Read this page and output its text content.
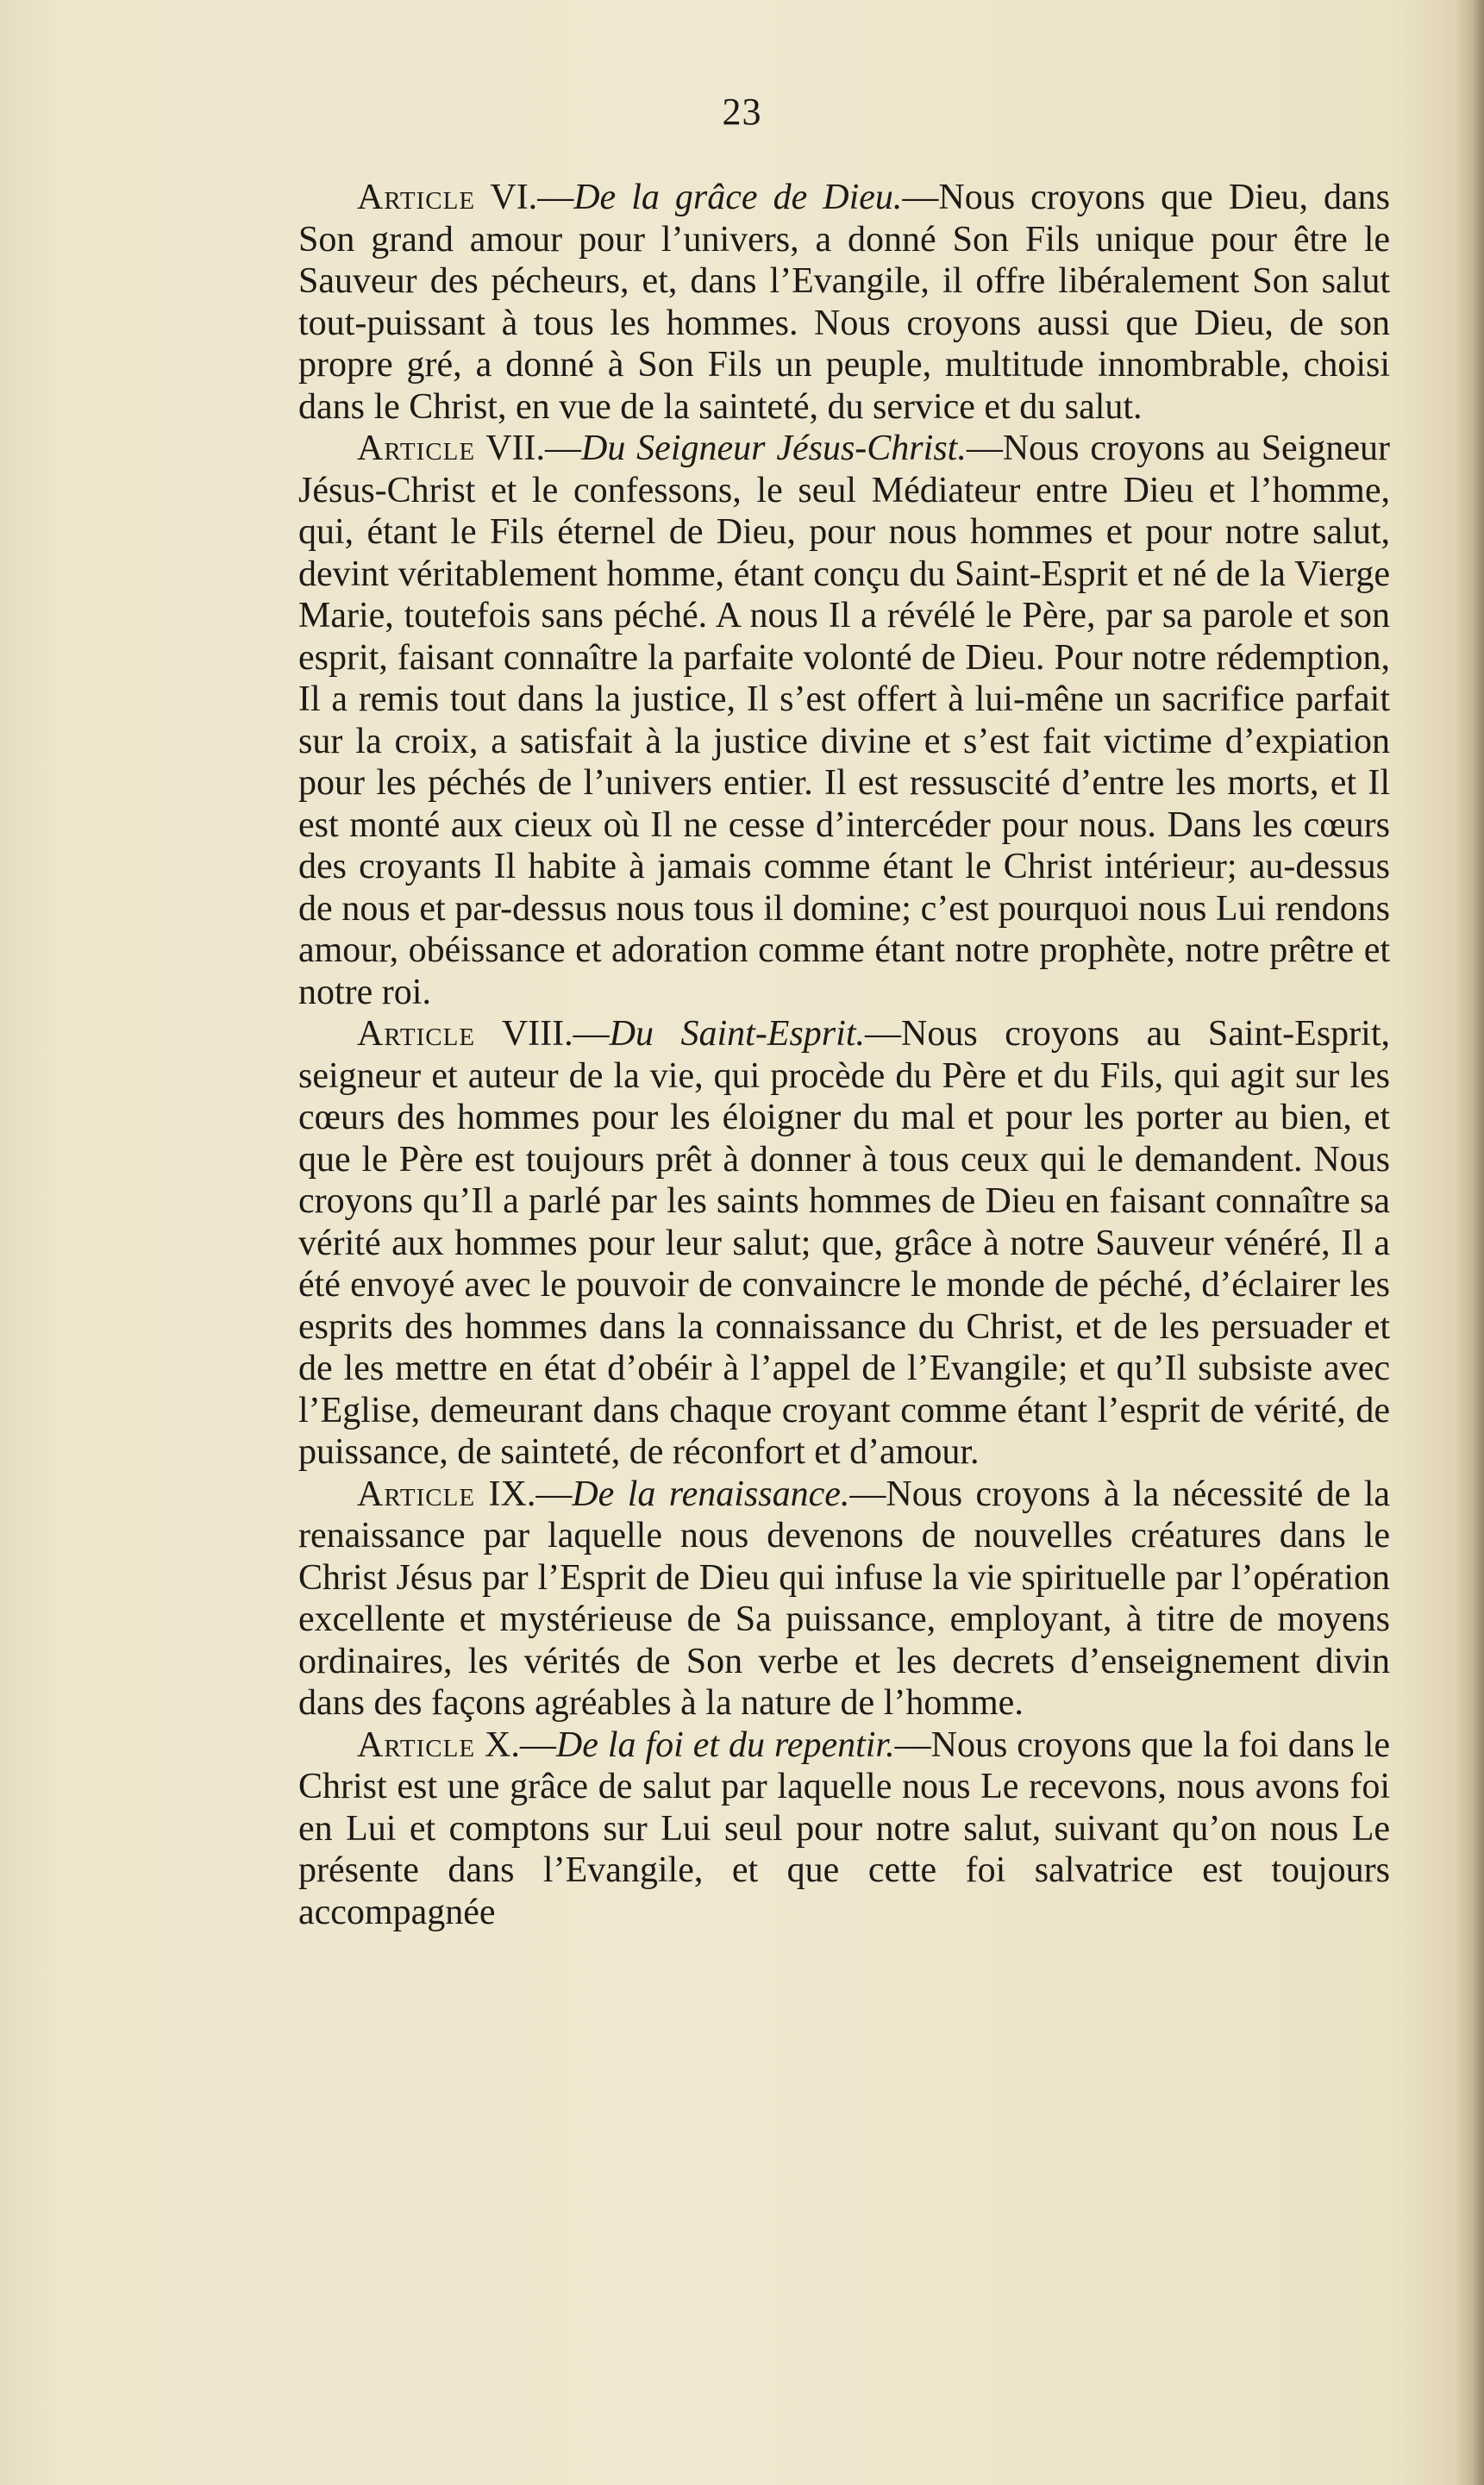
23

Article VI.—De la grâce de Dieu.—Nous croyons que Dieu, dans Son grand amour pour l’univers, a donné Son Fils unique pour être le Sauveur des pécheurs, et, dans l’Evangile, il offre libéralement Son salut tout-puissant à tous les hommes. Nous croyons aussi que Dieu, de son propre gré, a donné à Son Fils un peuple, multitude innombrable, choisi dans le Christ, en vue de la sainteté, du service et du salut.

Article VII.—Du Seigneur Jésus-Christ.—Nous croyons au Seigneur Jésus-Christ et le confessons, le seul Médiateur entre Dieu et l’homme, qui, étant le Fils éternel de Dieu, pour nous hommes et pour notre salut, devint véritablement homme, étant conçu du Saint-Esprit et né de la Vierge Marie, toutefois sans péché. A nous Il a révélé le Père, par sa parole et son esprit, faisant connaître la parfaite volonté de Dieu. Pour notre rédemption, Il a remis tout dans la justice, Il s’est offert à lui-mêne un sacrifice parfait sur la croix, a satisfait à la justice divine et s’est fait victime d’expiation pour les péchés de l’univers entier. Il est ressuscité d’entre les morts, et Il est monté aux cieux où Il ne cesse d’intercéder pour nous. Dans les cœurs des croyants Il habite à jamais comme étant le Christ intérieur; au-dessus de nous et par-dessus nous tous il domine; c’est pourquoi nous Lui rendons amour, obéissance et adoration comme étant notre prophète, notre prêtre et notre roi.

Article VIII.—Du Saint-Esprit.—Nous croyons au Saint-Esprit, seigneur et auteur de la vie, qui procède du Père et du Fils, qui agit sur les cœurs des hommes pour les éloigner du mal et pour les porter au bien, et que le Père est toujours prêt à donner à tous ceux qui le demandent. Nous croyons qu’Il a parlé par les saints hommes de Dieu en faisant connaître sa vérité aux hommes pour leur salut; que, grâce à notre Sauveur vénéré, Il a été envoyé avec le pouvoir de convaincre le monde de péché, d’éclairer les esprits des hommes dans la connaissance du Christ, et de les persuader et de les mettre en état d’obéir à l’appel de l’Evangile; et qu’Il subsiste avec l’Eglise, demeurant dans chaque croyant comme étant l’esprit de vérité, de puissance, de sainteté, de réconfort et d’amour.

Article IX.—De la renaissance.—Nous croyons à la nécessité de la renaissance par laquelle nous devenons de nouvelles créatures dans le Christ Jésus par l’Esprit de Dieu qui infuse la vie spirituelle par l’opération excellente et mystérieuse de Sa puissance, employant, à titre de moyens ordinaires, les vérités de Son verbe et les decrets d’enseignement divin dans des façons agréables à la nature de l’homme.

Article X.—De la foi et du repentir.—Nous croyons que la foi dans le Christ est une grâce de salut par laquelle nous Le recevons, nous avons foi en Lui et comptons sur Lui seul pour notre salut, suivant qu’on nous Le présente dans l’Evangile, et que cette foi salvatrice est toujours accompagnée
